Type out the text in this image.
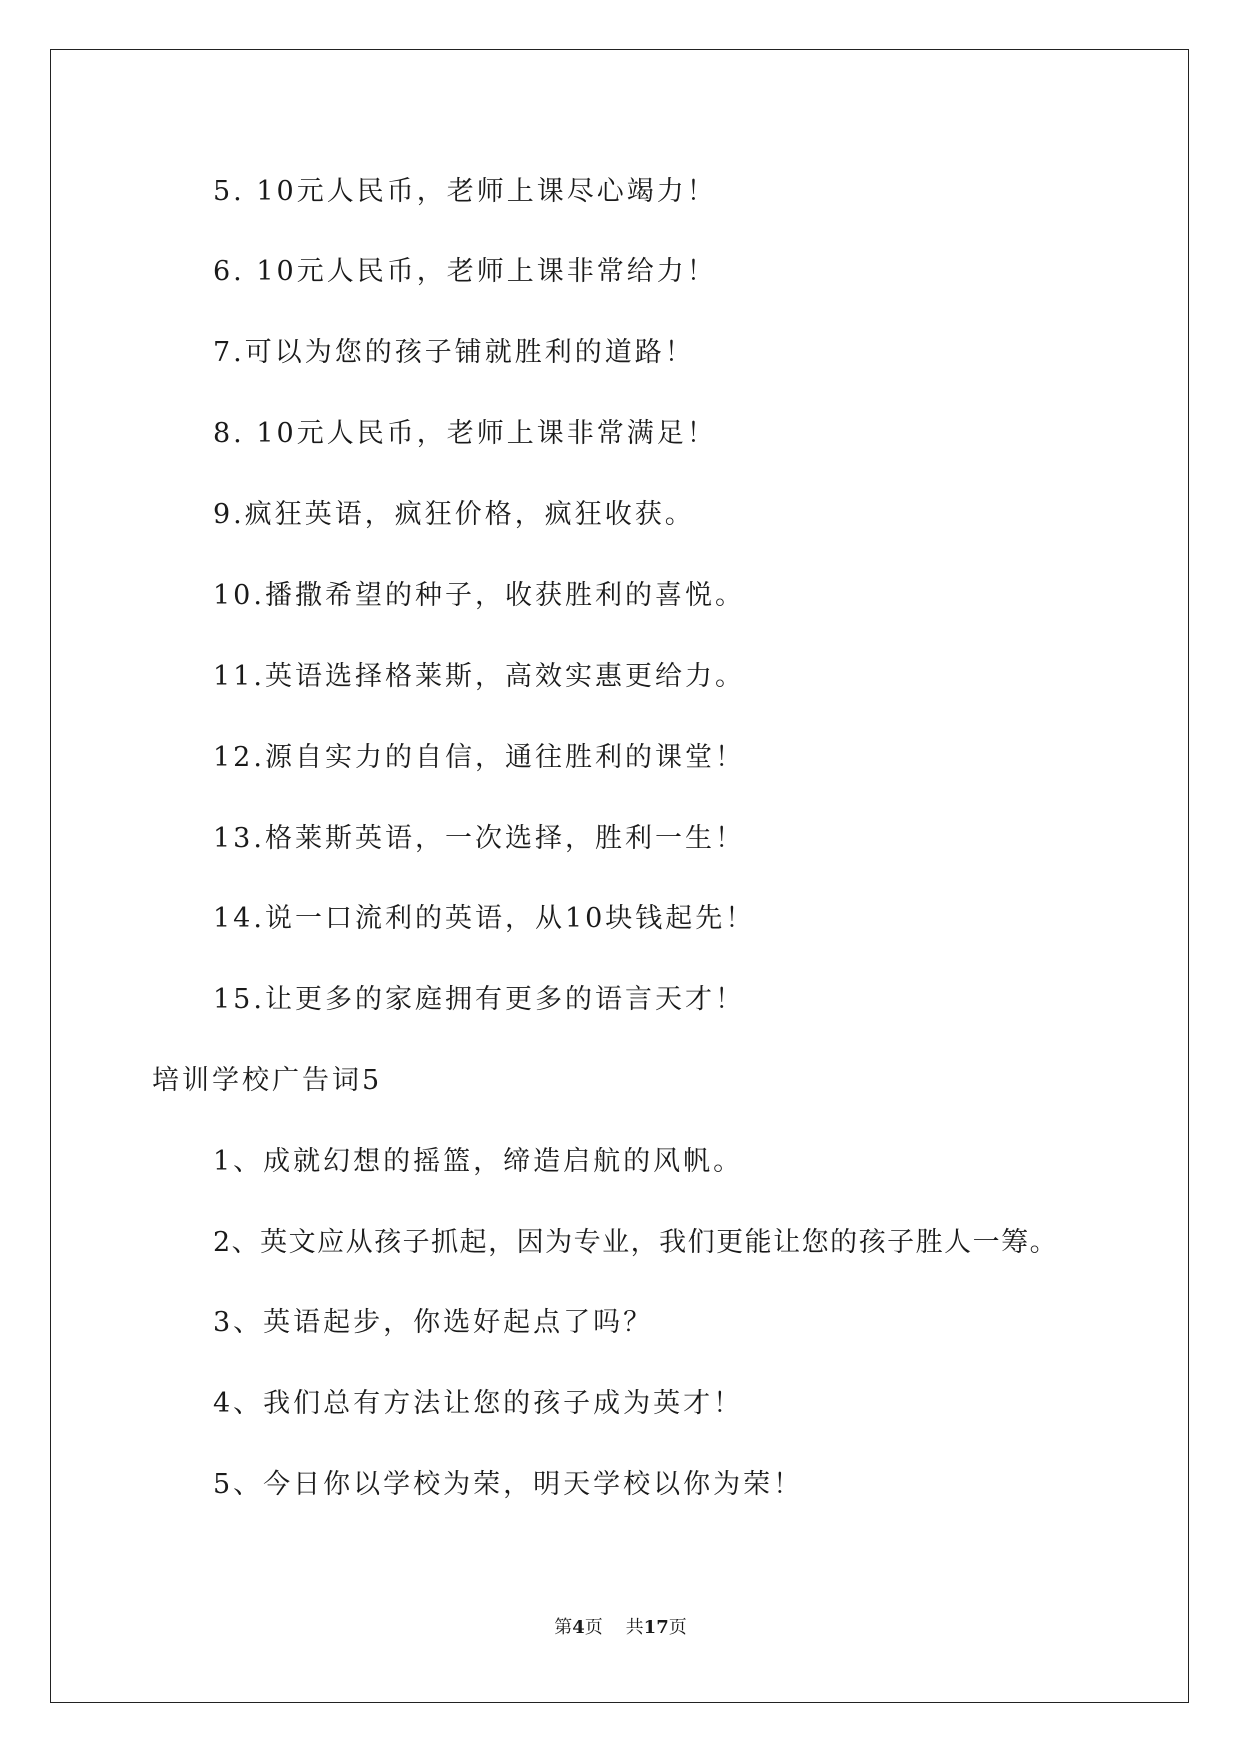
5. 10元人民币，老师上课尽心竭力！
6. 10元人民币，老师上课非常给力！
7.可以为您的孩子铺就胜利的道路！
8. 10元人民币，老师上课非常满足！
9.疯狂英语，疯狂价格，疯狂收获。
10.播撒希望的种子，收获胜利的喜悦。
11.英语选择格莱斯，高效实惠更给力。
12.源自实力的自信，通往胜利的课堂！
13.格莱斯英语，一次选择，胜利一生！
14.说一口流利的英语，从10块钱起先！
15.让更多的家庭拥有更多的语言天才！
培训学校广告词5
1、成就幻想的摇篮，缔造启航的风帆。
2、英文应从孩子抓起，因为专业，我们更能让您的孩子胜人一筹。
3、英语起步，你选好起点了吗？
4、我们总有方法让您的孩子成为英才！
5、今日你以学校为荣，明天学校以你为荣！
第4页 共17页
